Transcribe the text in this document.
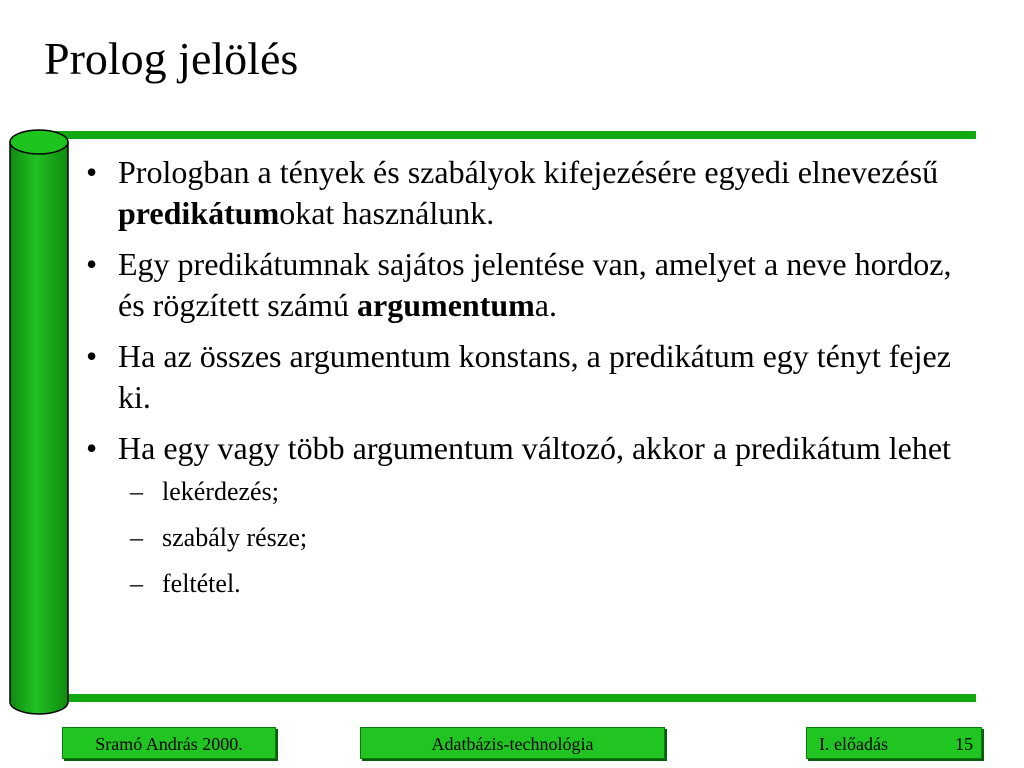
Prolog jelölés
• Prologban a tények és szabályok kifejezésére egyedi elnevezésű predikátumokat használunk.
• Egy predikátumnak sajátos jelentése van, amelyet a neve hordoz, és rögzített számú argumentuma.
• Ha az összes argumentum konstans, a predikátum egy tényt fejez ki.
• Ha egy vagy több argumentum változó, akkor a predikátum lehet
– lekérdezés;
– szabály része;
– feltétel.
Sramó András 2000.	Adatbázis-technológia	I. előadás	15
